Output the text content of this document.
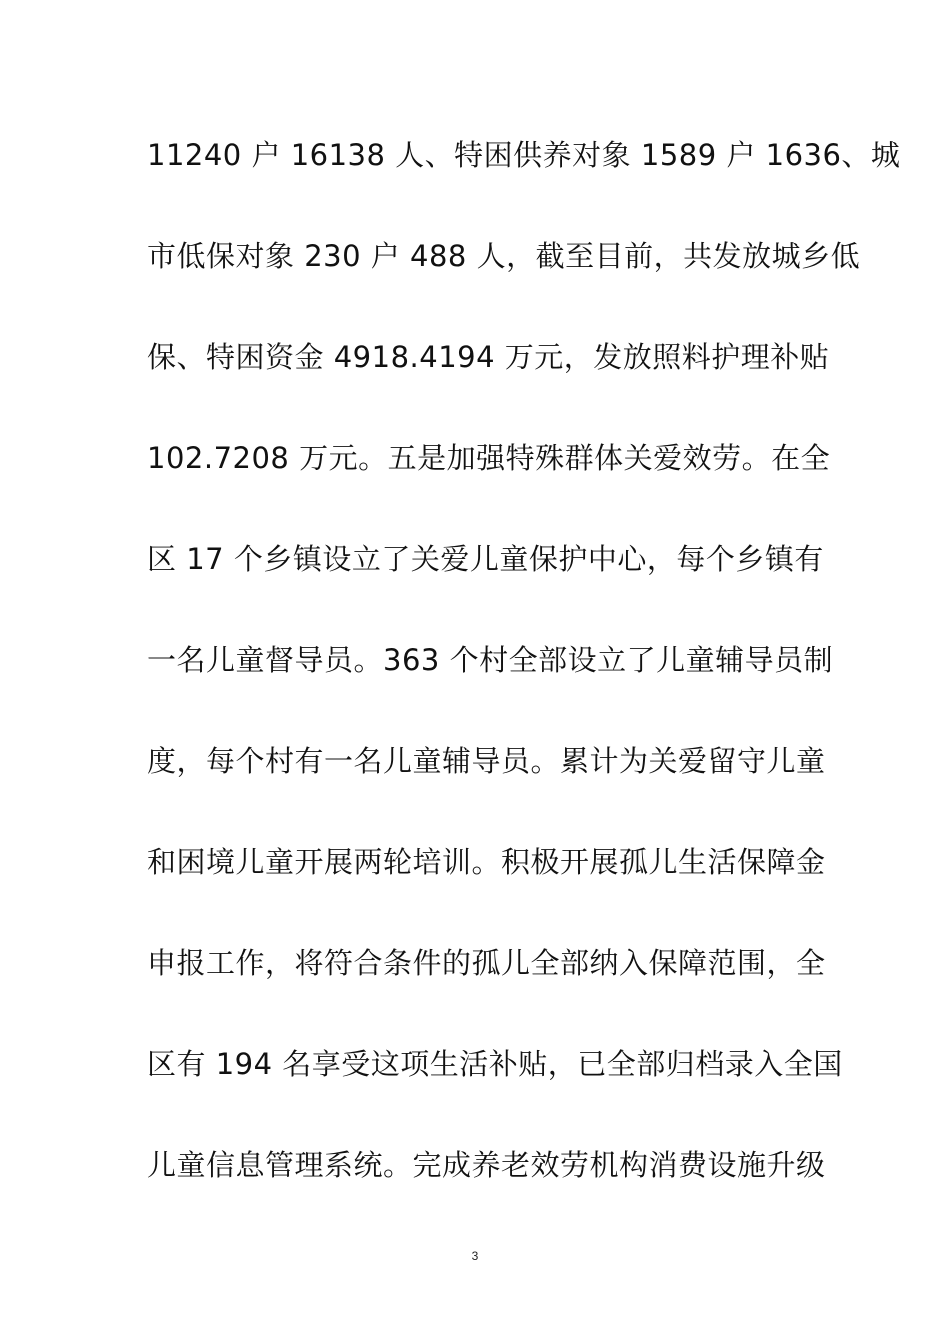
11240 户 16138 人、特困供养对象 1589 户 1636、城
市低保对象 230 户 488 人，截至目前，共发放城乡低
保、特困资金 4918.4194 万元，发放照料护理补贴
102.7208 万元。五是加强特殊群体关爱效劳。在全
区 17 个乡镇设立了关爱儿童保护中心，每个乡镇有
一名儿童督导员。363 个村全部设立了儿童辅导员制
度，每个村有一名儿童辅导员。累计为关爱留守儿童
和困境儿童开展两轮培训。积极开展孤儿生活保障金
申报工作，将符合条件的孤儿全部纳入保障范围，全
区有 194 名享受这项生活补贴，已全部归档录入全国
儿童信息管理系统。完成养老效劳机构消费设施升级
3
